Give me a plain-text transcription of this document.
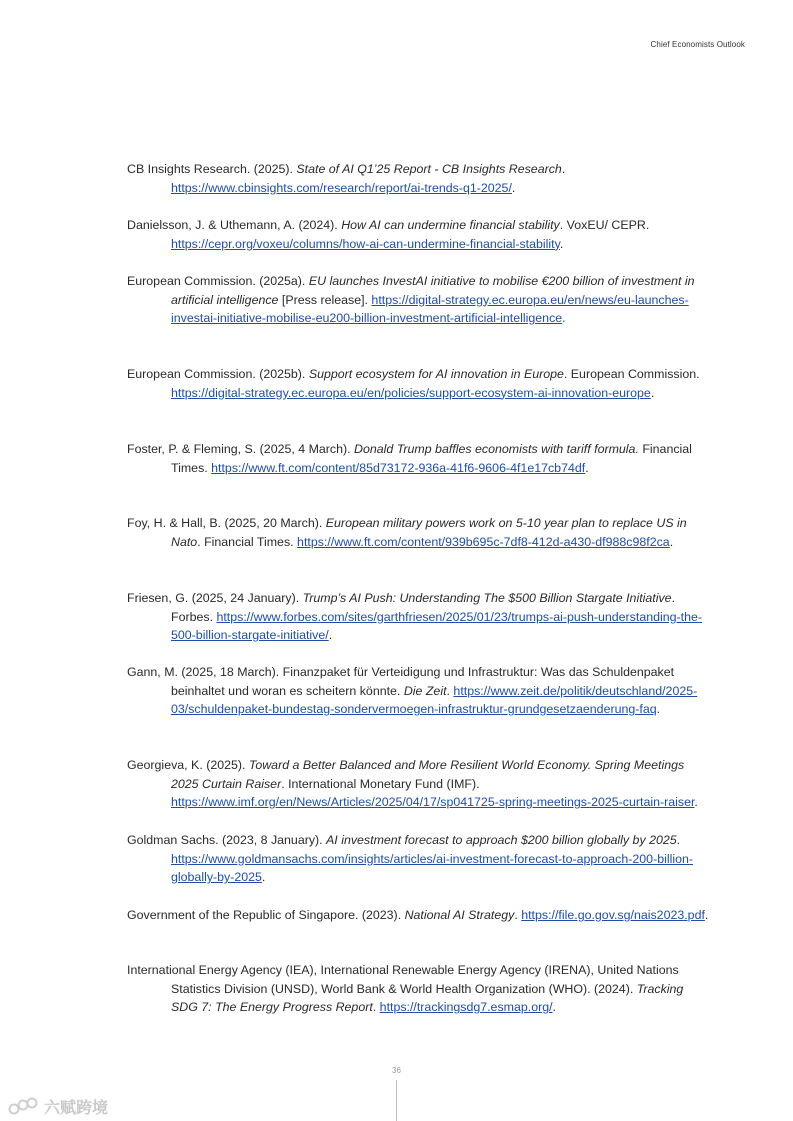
Chief Economists Outlook

CB Insights Research. (2025). State of AI Q1’25 Report - CB Insights Research. https://www.cbinsights.com/research/report/ai-trends-q1-2025/.

Danielsson, J. & Uthemann, A. (2024). How AI can undermine financial stability. VoxEU/ CEPR. https://cepr.org/voxeu/columns/how-ai-can-undermine-financial-stability.

European Commission. (2025a). EU launches InvestAI initiative to mobilise €200 billion of investment in artificial intelligence [Press release]. https://digital-strategy.ec.europa.eu/en/news/eu-launches-investai-initiative-mobilise-eu200-billion-investment-artificial-intelligence.

European Commission. (2025b). Support ecosystem for AI innovation in Europe. European Commission. https://digital-strategy.ec.europa.eu/en/policies/support-ecosystem-ai-innovation-europe.

Foster, P. & Fleming, S. (2025, 4 March). Donald Trump baffles economists with tariff formula. Financial Times. https://www.ft.com/content/85d73172-936a-41f6-9606-4f1e17cb74df.

Foy, H. & Hall, B. (2025, 20 March). European military powers work on 5-10 year plan to replace US in Nato. Financial Times. https://www.ft.com/content/939b695c-7df8-412d-a430-df988c98f2ca.

Friesen, G. (2025, 24 January). Trump’s AI Push: Understanding The $500 Billion Stargate Initiative. Forbes. https://www.forbes.com/sites/garthfriesen/2025/01/23/trumps-ai-push-understanding-the-500-billion-stargate-initiative/.

Gann, M. (2025, 18 March). Finanzpaket für Verteidigung und Infrastruktur: Was das Schuldenpaket beinhaltet und woran es scheitern könnte. Die Zeit. https://www.zeit.de/politik/deutschland/2025-03/schuldenpaket-bundestag-sondervermoegen-infrastruktur-grundgesetzaenderung-faq.

Georgieva, K. (2025). Toward a Better Balanced and More Resilient World Economy. Spring Meetings 2025 Curtain Raiser. International Monetary Fund (IMF). https://www.imf.org/en/News/Articles/2025/04/17/sp041725-spring-meetings-2025-curtain-raiser.

Goldman Sachs. (2023, 8 January). AI investment forecast to approach $200 billion globally by 2025. https://www.goldmansachs.com/insights/articles/ai-investment-forecast-to-approach-200-billion-globally-by-2025.

Government of the Republic of Singapore. (2023). National AI Strategy. https://file.go.gov.sg/nais2023.pdf.

International Energy Agency (IEA), International Renewable Energy Agency (IRENA), United Nations Statistics Division (UNSD), World Bank & World Health Organization (WHO). (2024). Tracking SDG 7: The Energy Progress Report. https://trackingsdg7.esmap.org/.

36
六赋跨境
